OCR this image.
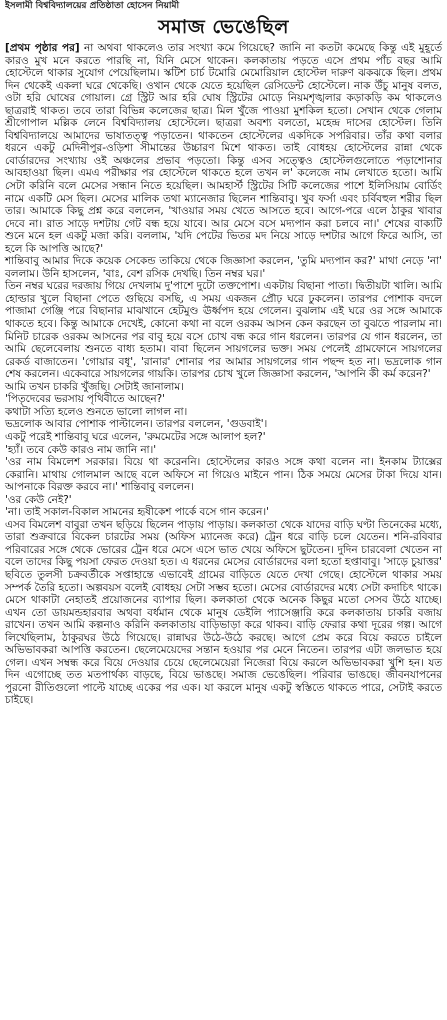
ইসলামী বিশ্ববিদ্যালয়ের প্রতিষ্ঠাতা হোসেন নিয়ামী
সমাজ ভেঙেছিল

[প্রথম পৃষ্ঠার পর] না অথবা থাকলেও তার সংখ্যা কমে গিয়েছে? জানি না কতটা কমেছে কিন্তু এই মুহূর্তে কারও মুখ মনে করতে পারছি না, যিনি মেসে থাকেন। কলকাতায় পড়তে এসে প্রথম পাঁচ বছর আমি হোস্টেলে থাকার সুযোগ পেয়েছিলাম। স্কটিশ চার্চ টমোরি মেমোরিয়াল হোস্টেল দারুণ ঝকঝকে ছিল। প্রথম দিন থেকেই একলা ঘরে থেকেছি। ওখান থেকে যেতে হয়েছিল রেসিডেন্ট হোস্টেলে। নাক উঁচু মানুষ বলত, ওটা হরি ঘোষের গোয়াল। গ্রে স্ট্রিট আর হরি ঘোষ স্ট্রিটের মোড়ে নিয়মশৃঙ্খলার কড়াকড়ি কম থাকলেও ছাত্ররাই থাকত। তবে তারা বিভিন্ন কলেজের ছাত্র। মিল খুঁজে পাওয়া মুশকিল হতো। সেখান থেকে গেলাম শ্রীগোপাল মল্লিক লেনে বিশ্ববিদ্যালয় হোস্টেলে। ছাত্ররা অবশ্য বলতো, মহেন্দ্র দাসের হোস্টেল। তিনি বিশ্ববিদ্যালয়ে আমাদের ভাষাতত্ত্ব পড়াতেন। থাকতেন হোস্টেলের একদিকে সপরিবার। তাঁর কথা বলার ধরনে একটু মেদিনীপুর-ওড়িশা সীমান্তের উচ্চারণ মিশে থাকত। তাই বোধহয় হোস্টেলের রান্না থেকে বোর্ডারদের সংখ্যায় ওই অঞ্চলের প্রভাব পড়তো। কিন্তু এসব সত্ত্বেও হোস্টেলগুলোতে পড়াশোনার আবহাওয়া ছিল। এমএ পরীক্ষার পর হোস্টেলে থাকতে হলে তখন ল' কলেজে নাম লেখাতে হতো। আমি সেটা করিনি বলে মেসের সন্ধান নিতে হয়েছিল। আমহার্স্ট স্ট্রিটের সিটি কলেজের পাশে ইলিসিয়াম বোর্ডিং নামে একটি মেস ছিল। মেসের মালিক তথা ম্যানেজার ছিলেন শান্তিবাবু। খুব ফর্সা এবং চর্বিবহুল শরীর ছিল তার। আমাকে কিছু প্রশ্ন করে বললেন, 'খাওয়ার সময় খেতে আসতে হবে। আগে-পরে এলে ঠাকুর খাবার দেবে না। রাত সাড়ে দশটায় গেট বন্ধ হয়ে যাবে। আর মেসে বসে মদ্যপান করা চলবে না।' শেষের বাক্যটি শুনে মনে হল একটু মজা করি। বললাম, 'যদি পেটের ভিতর মদ নিয়ে সাড়ে দশটার আগে ফিরে আসি, তা হলে কি আপত্তি আছে?'

শান্তিবাবু আমার দিকে কয়েক সেকেন্ড তাকিয়ে থেকে জিজ্ঞাসা করলেন, 'তুমি মদ্যপান কর?' মাথা নেড়ে 'না' বললাম। উনি হাসলেন, 'বাঃ, বেশ রসিক দেখছি। তিন নম্বর ঘর।'

তিন নম্বর ঘরের দরজায় গিয়ে দেখলাম দু'পাশে দুটো তক্তপোশ। একটায় বিছানা পাতা। দ্বিতীয়টা খালি। আমি হোল্ডার খুলে বিছানা পেতে গুছিয়ে বসছি, এ সময় একজন প্রৌঢ় ঘরে ঢুকলেন। তারপর পোশাক বদলে পাজামা গেঞ্জি পরে বিছানার মাঝখানে হেটমুণ্ড ঊর্ধ্বপদ হয়ে গেলেন। বুঝলাম এই ঘরে ওর সঙ্গে আমাকে থাকতে হবে। কিন্তু আমাকে দেখেই, কোনো কথা না বলে ওরকম আসন কেন করছেন তা বুঝতে পারলাম না। মিনিট চারেক ওরকম আসনের পর বাবু হয়ে বসে চোখ বন্ধ করে গান ধরলেন। তারপর যে গান ধরলেন, তা আমি ছেলেবেলায় শুনতে বাধ্য হতাম। বাবা ছিলেন সায়গলের ভক্ত। সময় পেলেই গ্রামফোনে সায়গলের রেকর্ড বাজাতেন। 'গোয়ার বধূ', 'রানার' শোনার পর আমার সায়গলের গান পছন্দ হত না। ভদ্রলোক গান শেষ করলেন। একেবারে সায়গলের গায়কি। তারপর চোখ খুলে জিজ্ঞাসা করলেন, 'আপনি কী কর্ম করেন?'

আমি তখন চাকরি খুঁজছি। সেটাই জানালাম।

'পিতৃদেবের ভরসায় পৃথিবীতে আছেন?'

কথাটা সত্যি হলেও শুনতে ভালো লাগল না।

ভদ্রলোক আবার পোশাক পাল্টালেন। তারপর বললেন, 'গুডবাই'।

একটু পরেই শান্তিবাবু ঘরে এলেন, 'রুমমেটের সঙ্গে আলাপ হল?'

'হ্যাঁ। তবে কেউ কারও নাম জানি না।'

'ওর নাম বিমলেশ সরকার। বিয়ে থা করেননি। হোস্টেলের কারও সঙ্গে কথা বলেন না। ইনকাম ট্যাক্সের কেরানি। মাথায় গোলমাল আছে বলে অফিসে না গিয়েও মাইনে পান। ঠিক সময়ে মেসের টাকা দিয়ে যান। আপনাকে বিরক্ত করবে না।' শান্তিবাবু বললেন।

'ওর কেউ নেই?'

'না। তাই সকাল-বিকাল সামনের হৃষীকেশ পার্কে বসে গান করেন।'

এসব বিমলেশ বাবুরা তখন ছড়িয়ে ছিলেন পাড়ায় পাড়ায়। কলকাতা থেকে যাদের বাড়ি ঘণ্টা তিনেকের মধ্যে, তারা শুক্রবারে বিকেল চারটের সময় (অফিস ম্যানেজ করে) ট্রেন ধরে বাড়ি চলে যেতেন। শনি-রবিবার পরিবারের সঙ্গে থেকে ভোরের ট্রেন ধরে মেসে এসে ভাত খেয়ে অফিসে ছুটতেন। দুদিন চারবেলা খেতেন না বলে তাদের কিছু পয়সা ফেরত দেওয়া হত। এ ধরনের মেসের বোর্ডারদের বলা হতো হপ্তাবাবু। 'সাড়ে চুয়াত্তর' ছবিতে তুলসী চক্রবর্তীকে সপ্তাহান্তে এভাবেই গ্রামের বাড়িতে যেতে দেখা গেছে। হোস্টেলে থাকার সময় সম্পর্ক তৈরি হতো। অল্পবয়স বলেই বোধহয় সেটা সম্ভব হতো। মেসের বোর্ডারদের মধ্যে সেটা কদাচিৎ থাকে। মেসে থাকাটা নেহাতই প্রয়োজনের ব্যাপার ছিল। কলকাতা থেকে অনেক কিছুর মতো সেসব উঠে যাচ্ছে। এখন তো ডায়মন্ডহারবার অথবা বর্ধমান থেকে মানুষ ডেইলি প্যাসেঞ্জারি করে কলকাতায় চাকরি বজায় রাখেন। তখন আমি কল্পনাও করিনি কলকাতায় বাড়িভাড়া করে থাকব। বাড়ি ফেরার কথা দূরের গল্প। আগে লিখেছিলাম, ঠাকুরঘর উঠে গিয়েছে। রান্নাঘর উঠে-উঠে করছে। আগে প্রেম করে বিয়ে করতে চাইলে অভিভাবকরা আপত্তি করতেন। ছেলেমেয়েদের সন্তান হওয়ার পর মেনে নিতেন। তারপর এটা জলভাত হয়ে গেল। এখন সম্বন্ধ করে বিয়ে দেওয়ার চেয়ে ছেলেমেয়েরা নিজেরা বিয়ে করলে অভিভাবকরা খুশি হন। যত দিন এগোচ্ছে তত মতপার্থক্য বাড়ছে, বিয়ে ভাঙছে। সমাজ ভেঙেছিল। পরিবার ভাঙছে। জীবনযাপনের পুরনো রীতিগুলো পাল্টে যাচ্ছে একের পর এক। যা করলে মানুষ একটু স্বস্তিতে থাকতে পারে, সেটাই করতে চাইছে।
